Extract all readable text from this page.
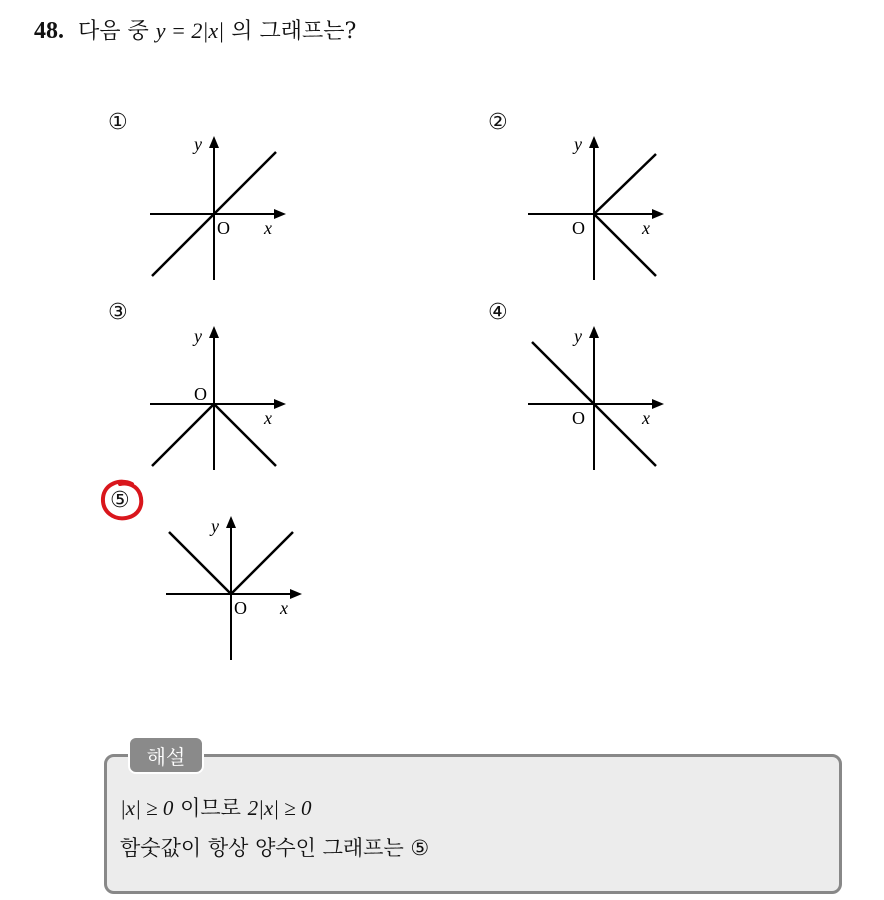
48. 다음 중 y = 2|x| 의 그래프는?
①
y
x
O
②
y
x
O
③
y
x
O
④
y
x
O
⑤
y
x
O
해설
|x| ≥ 0 이므로 2|x| ≥ 0
함숫값이 항상 양수인 그래프는 ⑤
